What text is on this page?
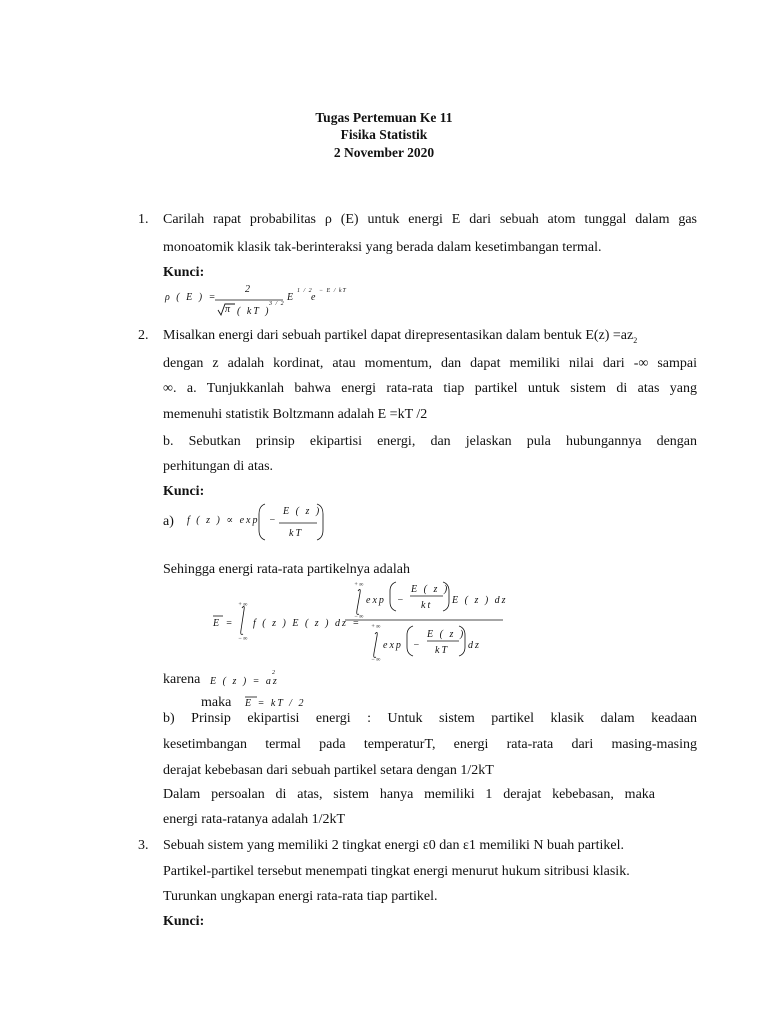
Tugas Pertemuan Ke 11
Fisika Statistik
2 November 2020
1. Carilah rapat probabilitas ρ (E) untuk energi E dari sebuah atom tunggal dalam gas
monoatomik klasik tak-berinteraksi yang berada dalam kesetimbangan termal.
Kunci:
ρ ( E ) =
2
π ( kT )
3 / 2
E
1 / 2
e
− E / kT
2. Misalkan energi dari sebuah partikel dapat direpresentasikan dalam bentuk $E(z) =az_2$
dengan z adalah kordinat, atau momentum, dan dapat memiliki nilai dari -∞ sampai
∞. a. Tunjukkanlah bahwa energi rata-rata tiap partikel untuk sistem di atas yang
memenuhi statistik Boltzmann adalah E =kT /2
b. Sebutkan prinsip ekipartisi energi, dan jelaskan pula hubungannya dengan
perhitungan di atas.
Kunci:
a) f ( z ) ∝ exp −
E ( z )
kT
Sehingga energi rata-rata partikelnya adalah
E =
+∞
−∞
f ( z ) E ( z ) dz =
+∞
−∞
exp −
E ( z )
kt E ( z ) dz
+∞
−∞
exp −
E ( z )
kT dz
karena E ( z ) = az
2
maka E = kT / 2
b) Prinsip ekipartisi energi : Untuk sistem partikel klasik dalam keadaan
kesetimbangan termal pada temperaturT, energi rata-rata dari masing-masing
derajat kebebasan dari sebuah partikel setara dengan 1/2kT
Dalam persoalan di atas, sistem hanya memiliki 1 derajat kebebasan, maka
energi rata-ratanya adalah 1/2kT
3. Sebuah sistem yang memiliki 2 tingkat energi ε0 dan ε1 memiliki N buah partikel.
Partikel-partikel tersebut menempati tingkat energi menurut hukum sitribusi klasik.
Turunkan ungkapan energi rata-rata tiap partikel.
Kunci:
